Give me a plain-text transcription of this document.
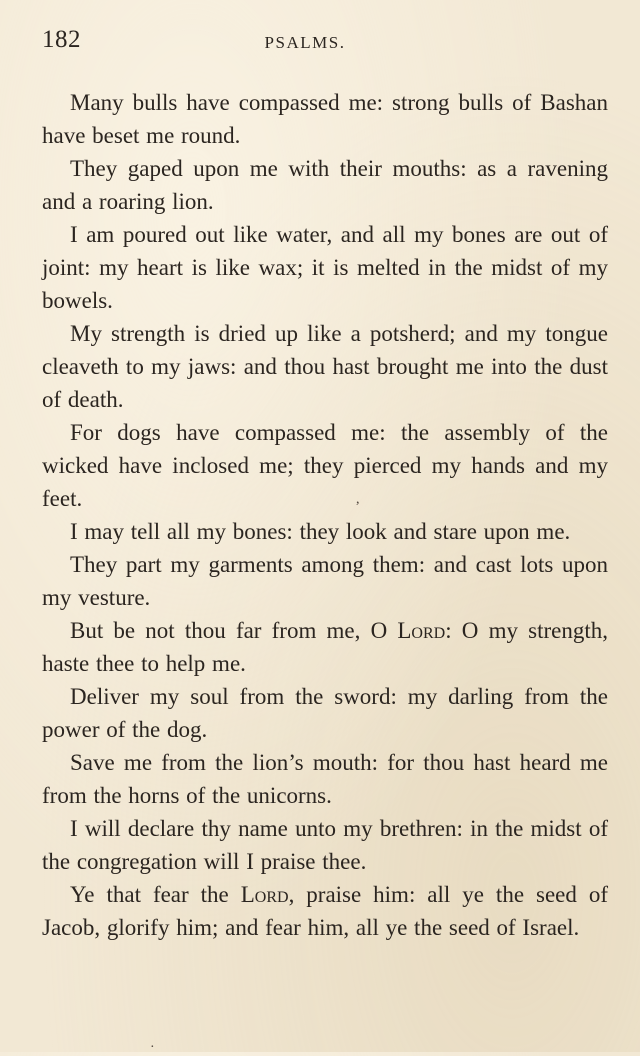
182	PSALMS.

Many bulls have compassed me: strong bulls of Bashan have beset me round.

They gaped upon me with their mouths: as a ravening and a roaring lion.

I am poured out like water, and all my bones are out of joint: my heart is like wax; it is melted in the midst of my bowels.

My strength is dried up like a potsherd; and my tongue cleaveth to my jaws: and thou hast brought me into the dust of death.

For dogs have compassed me: the assembly of the wicked have inclosed me; they pierced my hands and my feet.

I may tell all my bones: they look and stare upon me.

They part my garments among them: and cast lots upon my vesture.

But be not thou far from me, O Lord: O my strength, haste thee to help me.

Deliver my soul from the sword: my darling from the power of the dog.

Save me from the lion’s mouth: for thou hast heard me from the horns of the unicorns.

I will declare thy name unto my brethren: in the midst of the congregation will I praise thee.

Ye that fear the Lord, praise him: all ye the seed of Jacob, glorify him; and fear him, all ye the seed of Israel.

,
·
